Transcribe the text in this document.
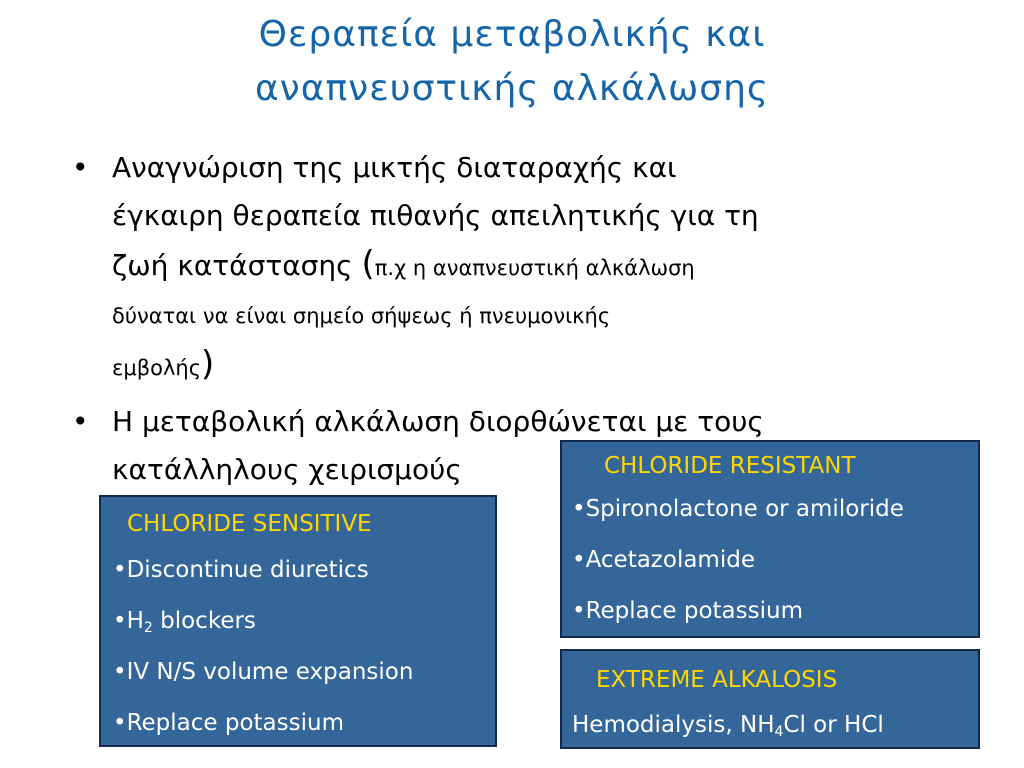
Θεραπεία μεταβολικής και
αναπνευστικής αλκάλωσης
• Αναγνώριση της μικτής διαταραχής και
έγκαιρη θεραπεία πιθανής απειλητικής για τη
ζωή κατάστασης (π.χ η αναπνευστική αλκάλωση
δύναται να είναι σημείο σήψεως ή πνευμονικής
εμβολής)
• Η μεταβολική αλκάλωση διορθώνεται με τους
κατάλληλους χειρισμούς
CHLORIDE SENSITIVE
•Discontinue diuretics
$•H_2$ blockers
•IV N/S volume expansion
•Replace potassium
CHLORIDE RESISTANT
•Spironolactone or amiloride
•Acetazolamide
•Replace potassium
EXTREME ALKALOSIS
Hemodialysis, $NH_4Cl$ or HCl
